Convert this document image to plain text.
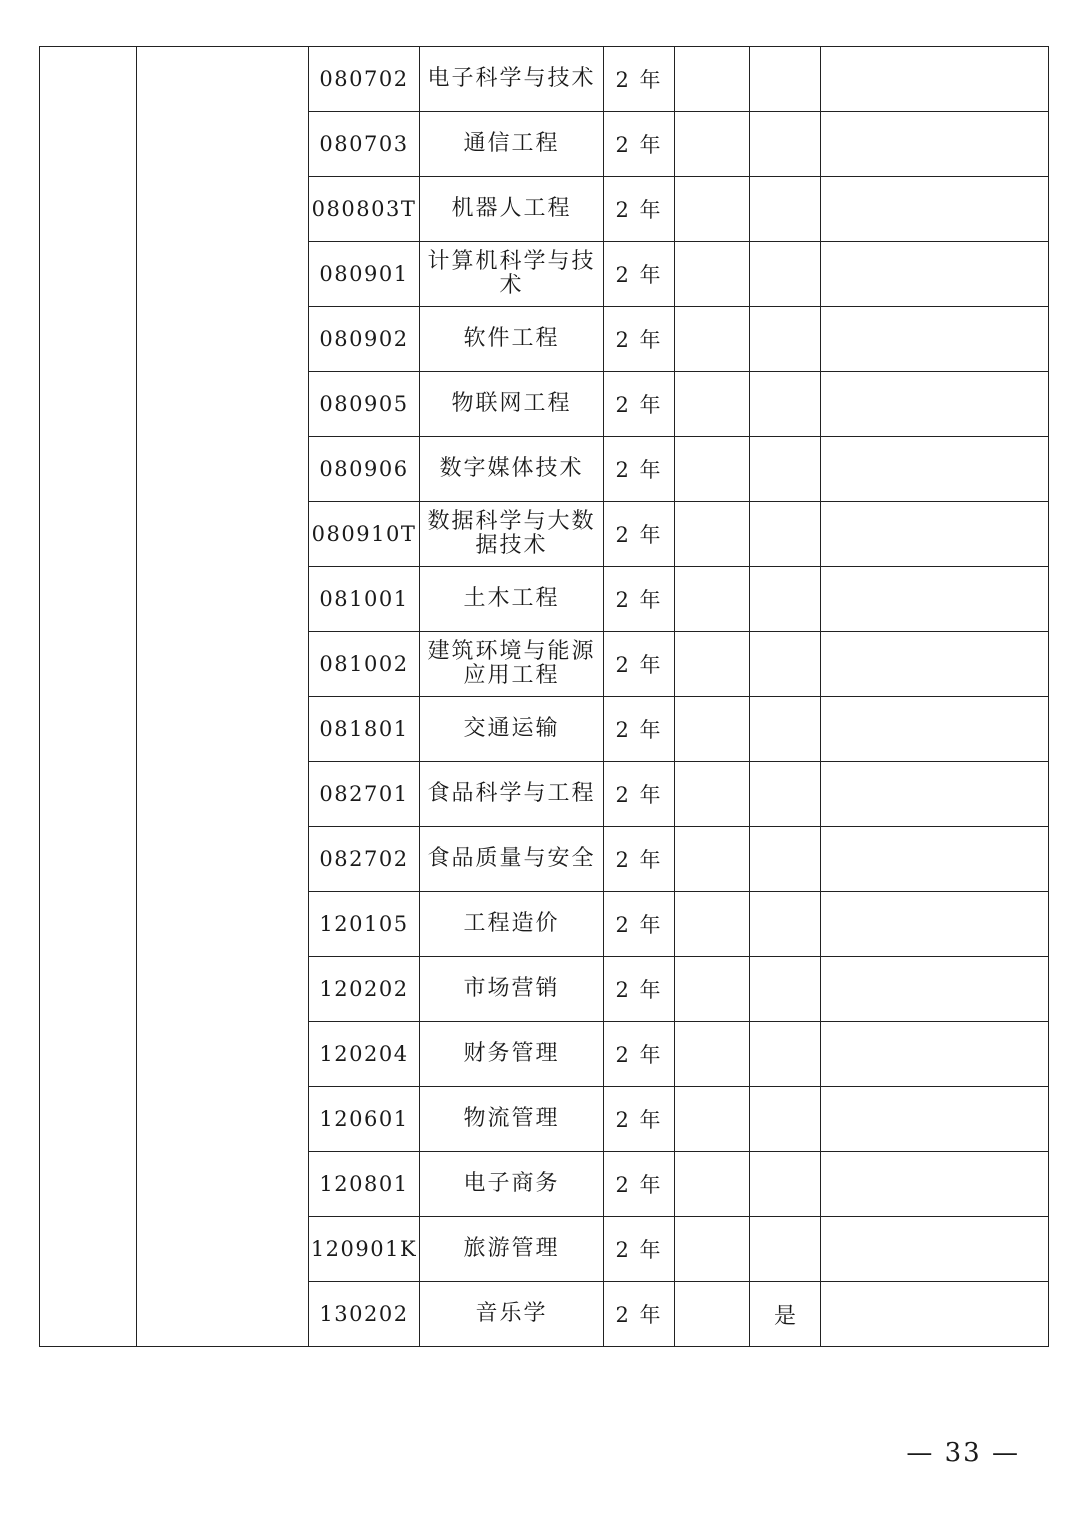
		080702	电子科学与技术	2 年			
		080703	通信工程	2 年			
		080803T	机器人工程	2 年			
		080901	计算机科学与技术	2 年			
		080902	软件工程	2 年			
		080905	物联网工程	2 年			
		080906	数字媒体技术	2 年			
		080910T	数据科学与大数据技术	2 年			
		081001	土木工程	2 年			
		081002	建筑环境与能源应用工程	2 年			
		081801	交通运输	2 年			
		082701	食品科学与工程	2 年			
		082702	食品质量与安全	2 年			
		120105	工程造价	2 年			
		120202	市场营销	2 年			
		120204	财务管理	2 年			
		120601	物流管理	2 年			
		120801	电子商务	2 年			
		120901K	旅游管理	2 年			
		130202	音乐学	2 年		是	
— 33 —
